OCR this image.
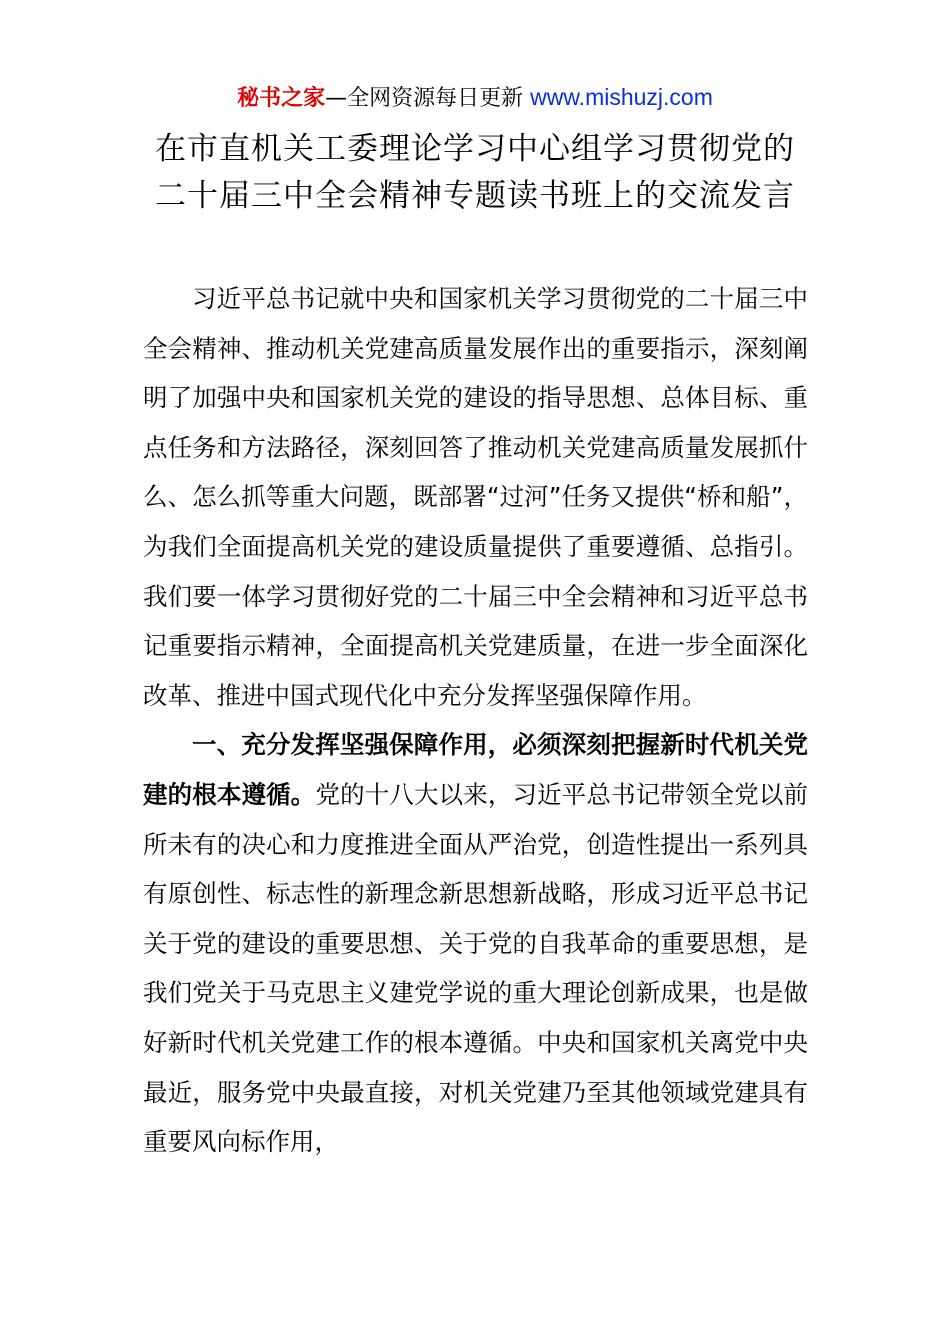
秘书之家—全网资源每日更新 www.mishuzj.com
在市直机关工委理论学习中心组学习贯彻党的
二十届三中全会精神专题读书班上的交流发言

习近平总书记就中央和国家机关学习贯彻党的二十届三中全会精神、推动机关党建高质量发展作出的重要指示，深刻阐明了加强中央和国家机关党的建设的指导思想、总体目标、重点任务和方法路径，深刻回答了推动机关党建高质量发展抓什么、怎么抓等重大问题，既部署“过河”任务又提供“桥和船”，为我们全面提高机关党的建设质量提供了重要遵循、总指引。我们要一体学习贯彻好党的二十届三中全会精神和习近平总书记重要指示精神，全面提高机关党建质量，在进一步全面深化改革、推进中国式现代化中充分发挥坚强保障作用。

一、充分发挥坚强保障作用，必须深刻把握新时代机关党建的根本遵循。党的十八大以来，习近平总书记带领全党以前所未有的决心和力度推进全面从严治党，创造性提出一系列具有原创性、标志性的新理念新思想新战略，形成习近平总书记关于党的建设的重要思想、关于党的自我革命的重要思想，是我们党关于马克思主义建党学说的重大理论创新成果，也是做好新时代机关党建工作的根本遵循。中央和国家机关离党中央最近，服务党中央最直接，对机关党建乃至其他领域党建具有重要风向标作用，
